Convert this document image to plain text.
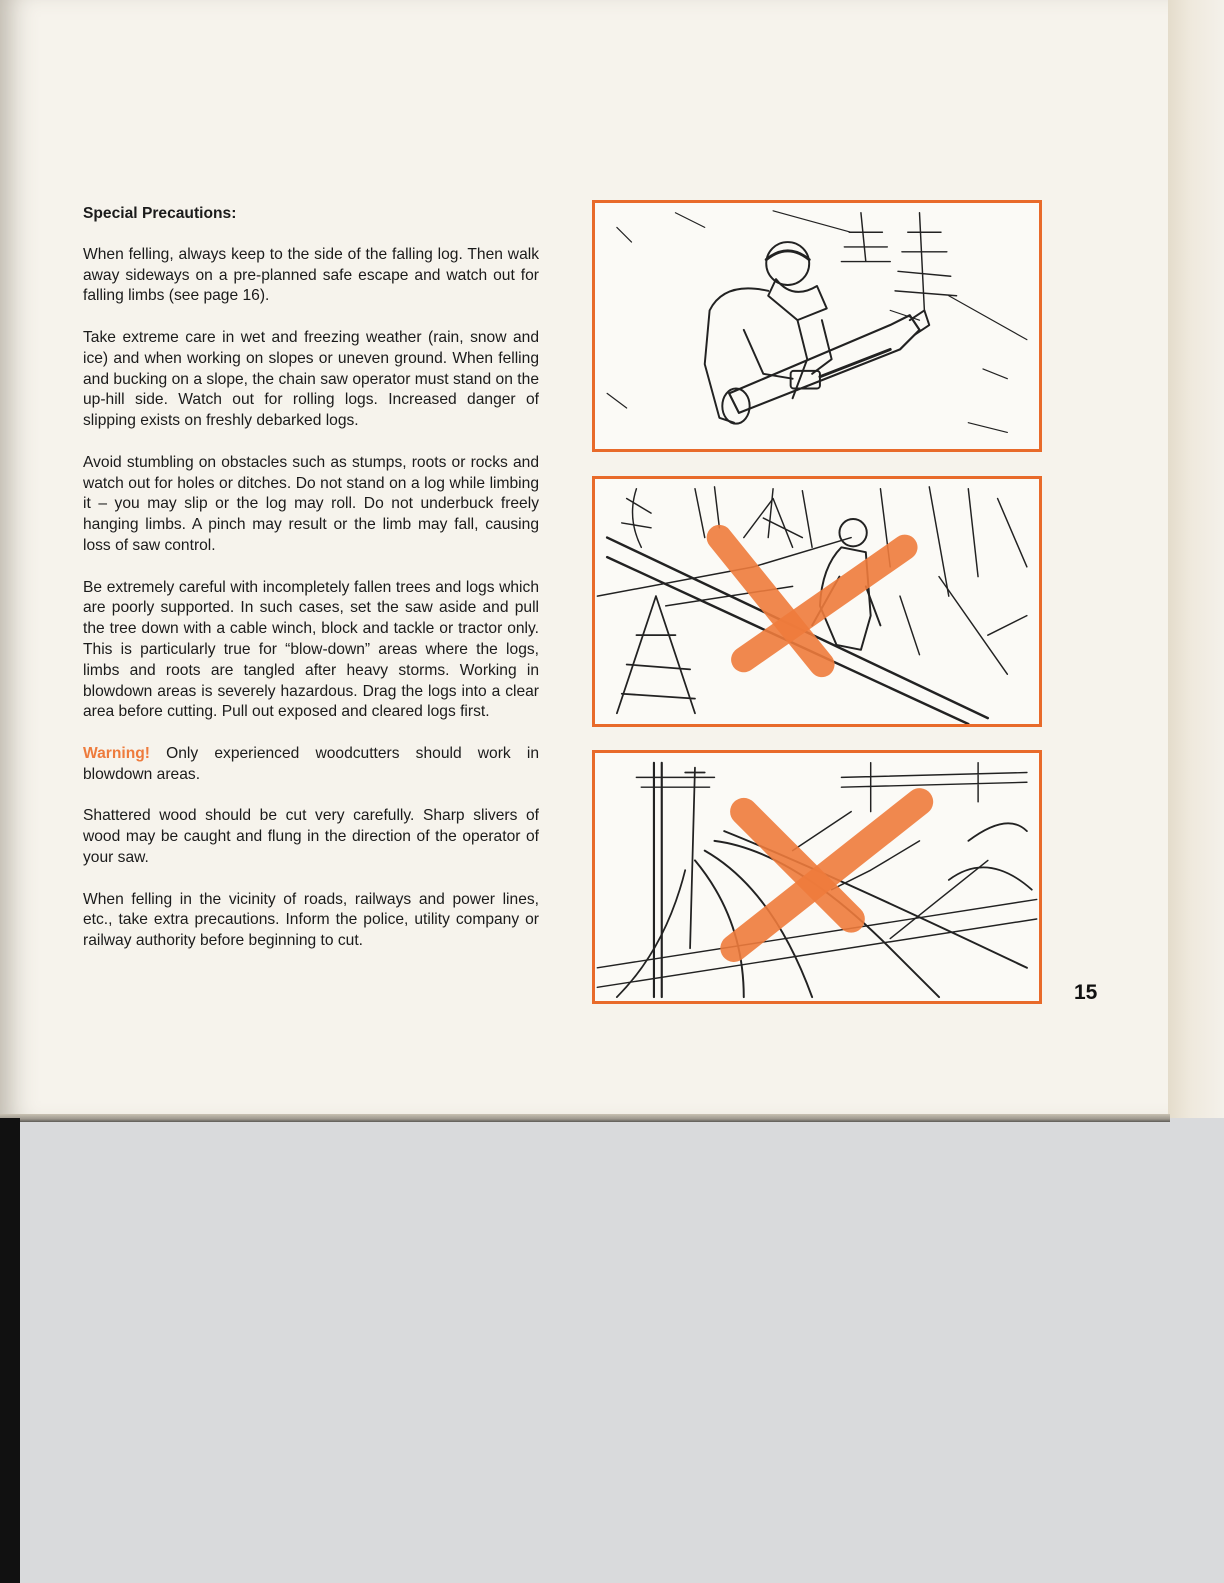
Special Precautions:

When felling, always keep to the side of the falling log. Then walk away sideways on a pre-planned safe escape and watch out for falling limbs (see page 16).

Take extreme care in wet and freezing weather (rain, snow and ice) and when working on slopes or uneven ground. When felling and bucking on a slope, the chain saw operator must stand on the up-hill side. Watch out for rolling logs. Increased danger of slipping exists on freshly debarked logs.

Avoid stumbling on obstacles such as stumps, roots or rocks and watch out for holes or ditches. Do not stand on a log while limbing it – you may slip or the log may roll. Do not underbuck freely hanging limbs. A pinch may result or the limb may fall, causing loss of saw control.

Be extremely careful with incompletely fallen trees and logs which are poorly supported. In such cases, set the saw aside and pull the tree down with a cable winch, block and tackle or tractor only. This is particularly true for “blow-down” areas where the logs, limbs and roots are tangled after heavy storms. Working in blowdown areas is severely hazardous. Drag the logs into a clear area before cutting. Pull out exposed and cleared logs first.

Warning! Only experienced woodcutters should work in blowdown areas.

Shattered wood should be cut very carefully. Sharp slivers of wood may be caught and flung in the direction of the operator of your saw.

When felling in the vicinity of roads, railways and power lines, etc., take extra precautions. Inform the police, utility company or railway authority before beginning to cut.

15
